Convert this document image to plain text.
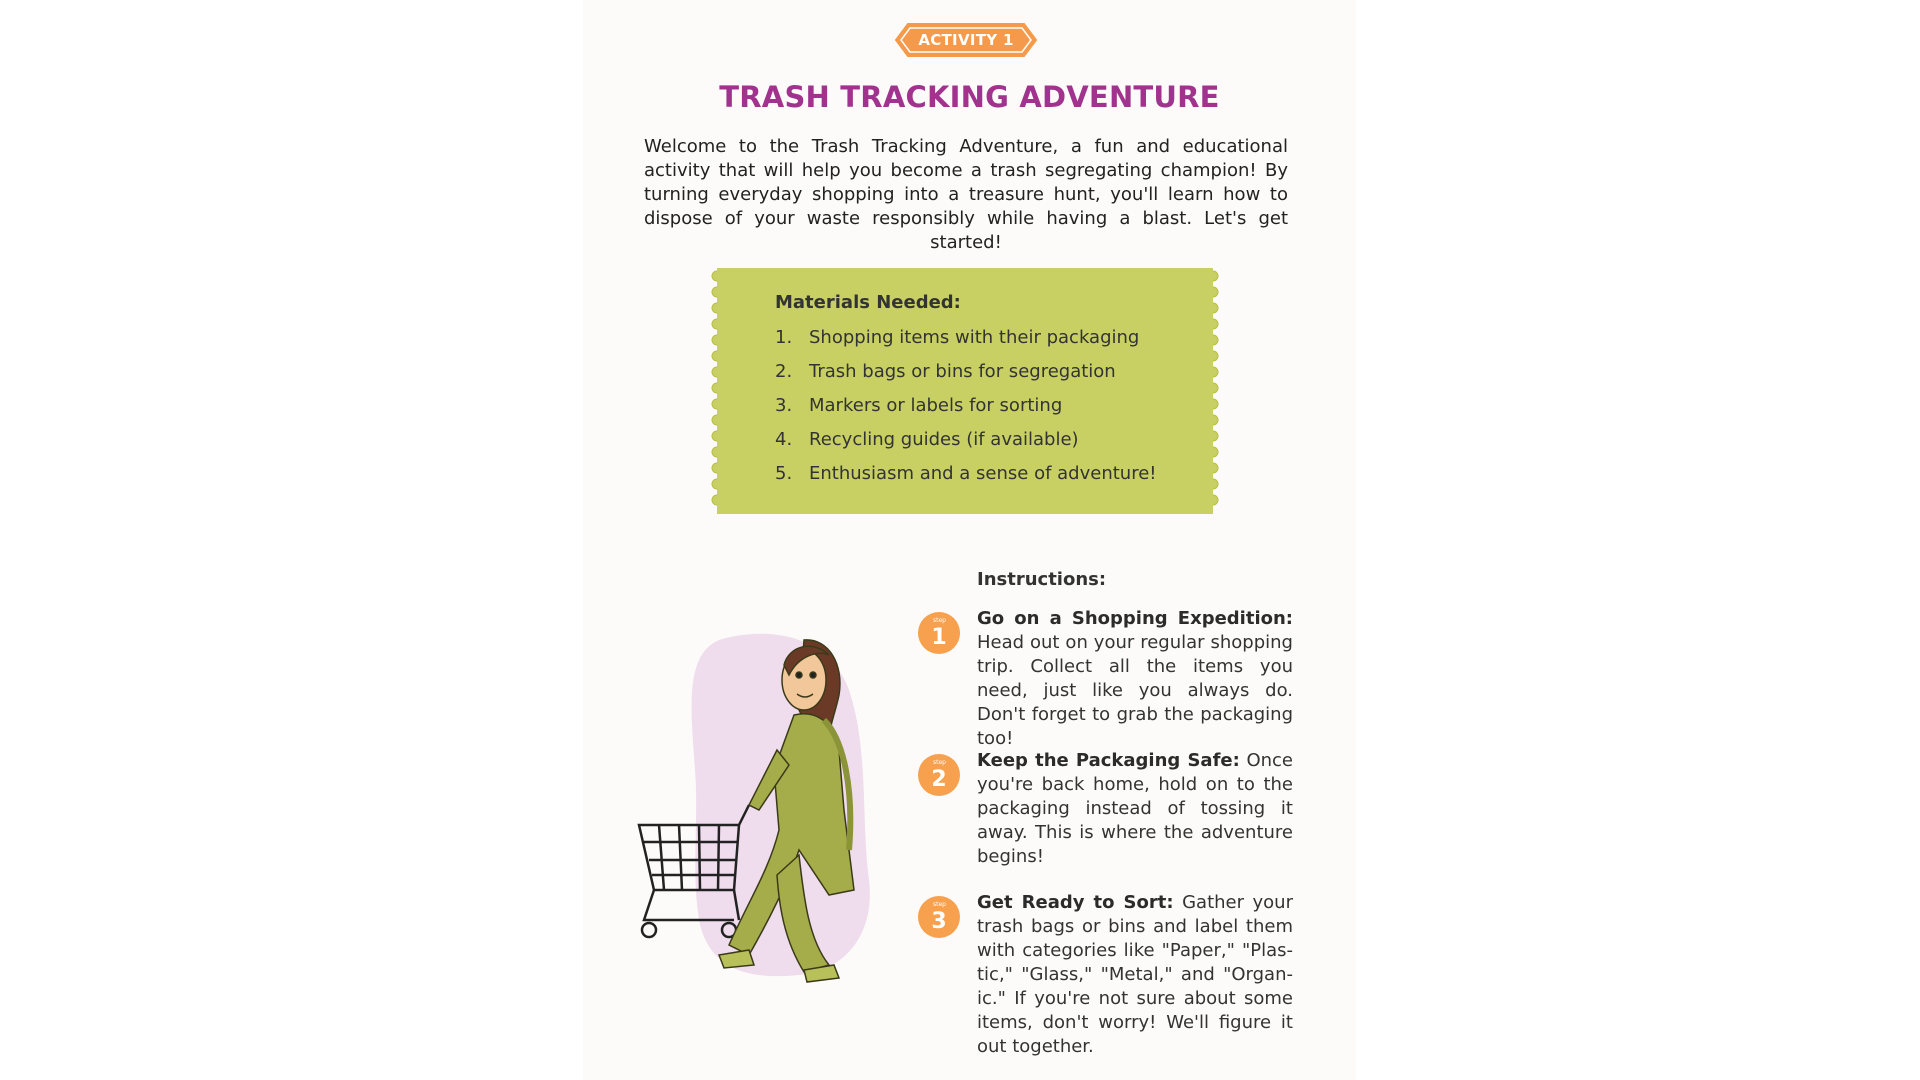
ACTIVITY 1
TRASH TRACKING ADVENTURE

Welcome to the Trash Tracking Adventure, a fun and educational activity that will help you become a trash segregating champion! By turning everyday shopping into a treasure hunt, you'll learn how to dispose of your waste responsibly while having a blast. Let's get started!

Materials Needed:
1. Shopping items with their packaging
2. Trash bags or bins for segregation
3. Markers or labels for sorting
4. Recycling guides (if available)
5. Enthusiasm and a sense of adventure!
Instructions:
step
1

Go on a Shopping Expedition: Head out on your regular shopping trip. Collect all the items you need, just like you always do. Don't forget to grab the packaging too!

step
2

Keep the Packaging Safe: Once you're back home, hold on to the packaging instead of tossing it away. This is where the adventure begins!

step
3

Get Ready to Sort: Gather your trash bags or bins and label them with categories like "Paper," "Plas-tic," "Glass," "Metal," and "Organ-ic." If you're not sure about some items, don't worry! We'll figure it out together.
